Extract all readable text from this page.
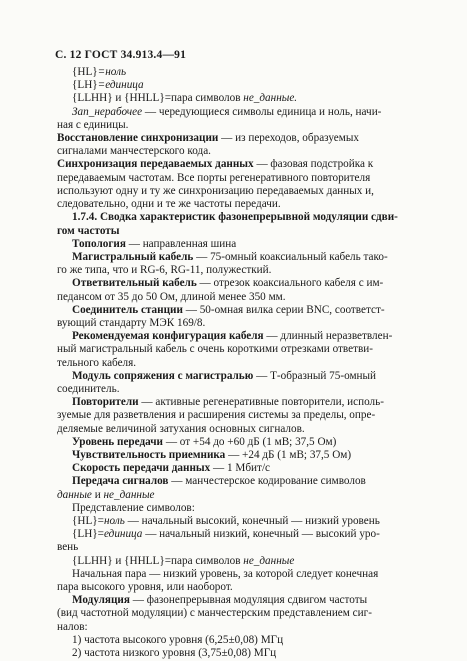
С. 12 ГОСТ 34.913.4—91
{HL}=ноль
{LH}=единица
{LLHH} и {HHLL}=пара символов не_данные.
Зап_нерабочее — чередующиеся символы единица и ноль, начи-
ная с единицы.
Восстановление синхронизации — из переходов, образуемых
сигналами манчестерского кода.
Синхронизация передаваемых данных — фазовая подстройка к
передаваемым частотам. Все порты регенеративного повторителя
используют одну и ту же синхронизацию передаваемых данных и,
следовательно, одни и те же частоты передачи.
1.7.4. Сводка характеристик фазонепрерывной модуляции сдви-
гом частоты
Топология — направленная шина
Магистральный кабель — 75-омный коаксиальный кабель тако-
го же типа, что и RG-6, RG-11, полужесткий.
Ответвительный кабель — отрезок коаксиального кабеля с им-
педансом от 35 до 50 Ом, длиной менее 350 мм.
Соединитель станции — 50-омная вилка серии BNC, соответст-
вующий стандарту МЭК 169/8.
Рекомендуемая конфигурация кабеля — длинный неразветвлен-
ный магистральный кабель с очень короткими отрезками ответви-
тельного кабеля.
Модуль сопряжения с магистралью — Т-образный 75-омный
соединитель.
Повторители — активные регенеративные повторители, исполь-
зуемые для разветвления и расширения системы за пределы, опре-
деляемые величиной затухания основных сигналов.
Уровень передачи — от +54 до +60 дБ (1 мВ; 37,5 Ом)
Чувствительность приемника — +24 дБ (1 мВ; 37,5 Ом)
Скорость передачи данных — 1 Мбит/с
Передача сигналов — манчестерское кодирование символов
данные и не_данные
Представление символов:
{HL}=ноль — начальный высокий, конечный — низкий уровень
{LH}=единица — начальный низкий, конечный — высокий уро-
вень
{LLHH} и {HHLL}=пара символов не_данные
Начальная пара — низкий уровень, за которой следует конечная
пара высокого уровня, или наоборот.
Модуляция — фазонепрерывная модуляция сдвигом частоты
(вид частотной модуляции) с манчестерским представлением сиг-
налов:
1) частота высокого уровня (6,25±0,08) МГц
2) частота низкого уровня (3,75±0,08) МГц
